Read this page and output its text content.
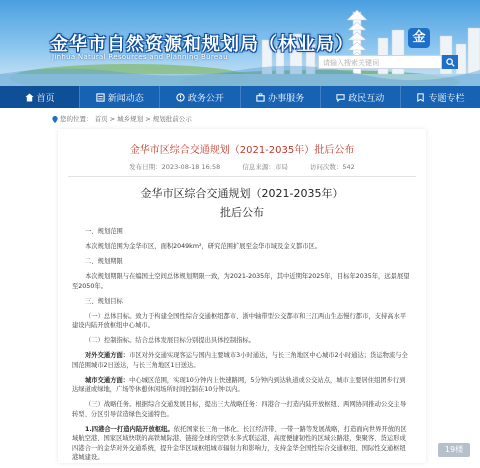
金华市自然资源和规划局（林业局）
Jinhua Natural Resources and Planning Bureau
金
请输入搜索关键词
首页	新闻动态	政务公开	办事服务	政民互动	专题专栏
您的位置： 首页 > 城乡规划 > 规划批前公示
金华市区综合交通规划（2021-2035年）批后公布
发布日期：2023-08-18 16:58	信息来源：市局	访问次数：542
金华市区综合交通规划（2021-2035年）
批后公布

一、规划范围

本次规划范围为金华市区，面积2049km²，研究范围扩展至金华市域及金义都市区。

二、规划期限

本次规划期限与在编国土空间总体规划期限一致，为2021-2035年，其中近期年2025年，目标年2035年，远景展望至2050年。

三、规划目标

（一）总体目标。致力于构建全国性综合交通枢纽都市、浙中轴带型公交都市和三江两山生态慢行都市，支持高水平建设内陆开放枢纽中心城市。

（二）控制指标。结合总体发展目标分别提出具体控制指标。

对外交通方面：市区对外交通实现客运与国内主要城市3小时通达，与长三角地区中心城市2小时通达；货运物流与全国范围城市2日送达，与长三角地区1日送达。

城市交通方面：中心城区范围，实现10分钟内上快速路网，5分钟内到达轨道或公交站点，城市主要居住组团步行到达绿道或绿地，广场等休憩休闲场所时间控制在10分钟以内。

（三）战略任务。根据综合交通发展目标，提出三大战略任务：四港合一打造内陆开放枢纽、两网协同推动公交主导转型、分区引导营造绿色交通特色。

1.四港合一打造内陆开放枢纽。依托国家长三角一体化、长江经济带、一带一路等发展战略，打造面向世界开放的区域航空港、国家区域快联的高铁城际港、链接全球的空铁水多式联运港、高度便捷韧性的区域公路港，集聚客、货运形成四港合一的金华对外交通系统，提升金华区域枢纽城市辐射力和影响力，支持金华全国性综合交通枢纽、国际性交通枢纽港城建设。

19楼
